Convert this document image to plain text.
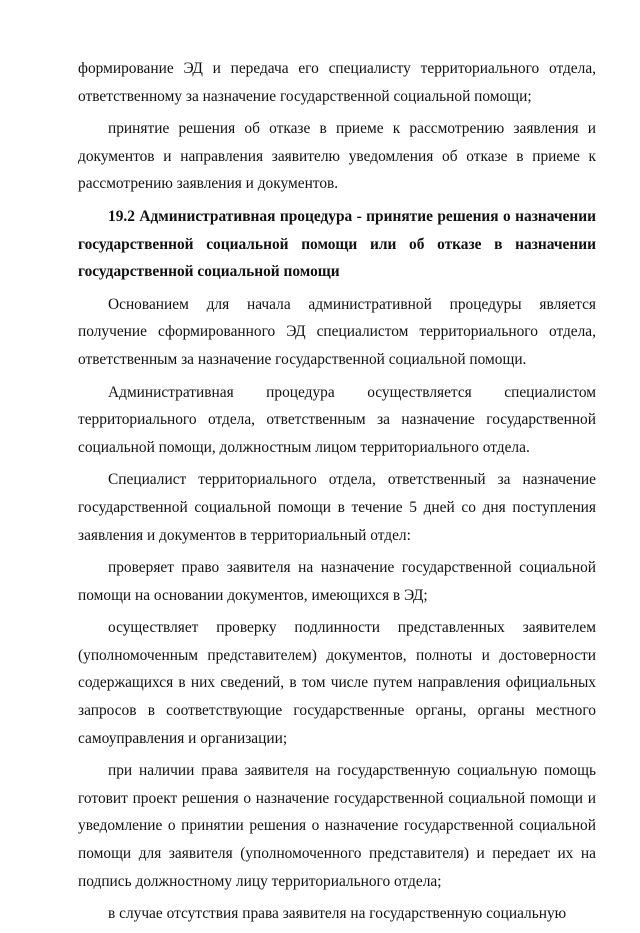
формирование ЭД и передача его специалисту территориального отдела, ответственному за назначение государственной социальной помощи;

принятие решения об отказе в приеме к рассмотрению заявления и документов и направления заявителю уведомления об отказе в приеме к рассмотрению заявления и документов.

19.2 Административная процедура - принятие решения о назначении государственной социальной помощи или об отказе в назначении государственной социальной помощи

Основанием для начала административной процедуры является получение сформированного ЭД специалистом территориального отдела, ответственным за назначение государственной социальной помощи.

Административная процедура осуществляется специалистом территориального отдела, ответственным за назначение государственной социальной помощи, должностным лицом территориального отдела.

Специалист территориального отдела, ответственный за назначение государственной социальной помощи в течение 5 дней со дня поступления заявления и документов в территориальный отдел:

проверяет право заявителя на назначение государственной социальной помощи на основании документов, имеющихся в ЭД;

осуществляет проверку подлинности представленных заявителем (уполномоченным представителем) документов, полноты и достоверности содержащихся в них сведений, в том числе путем направления официальных запросов в соответствующие государственные органы, органы местного самоуправления и организации;

при наличии права заявителя на государственную социальную помощь готовит проект решения о назначение государственной социальной помощи и уведомление о принятии решения о назначение государственной социальной помощи для заявителя (уполномоченного представителя) и передает их на подпись должностному лицу территориального отдела;

в случае отсутствия права заявителя на государственную социальную
